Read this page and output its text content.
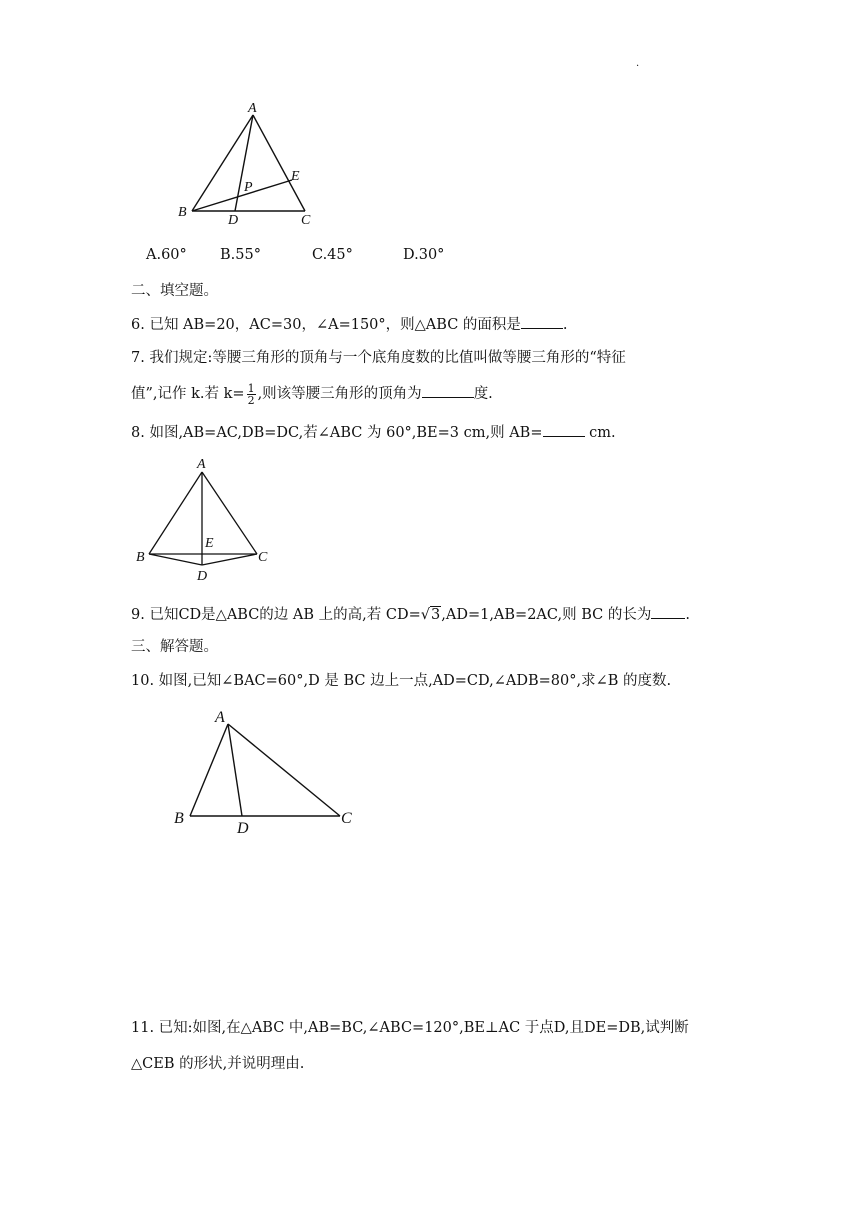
.
A
B
C
D
E
P
A.60° B.55°	C.45°	D.30°
二、填空题。
6. 已知 AB=20，AC=30，∠A=150°，则△ABC 的面积是	.
7. 我们规定:等腰三角形的顶角与一个底角度数的比值叫做等腰三角形的“特征
值”,记作 k.若 $k= \frac{1}{2}$ ,则该等腰三角形的顶角为	度.
8. 如图,AB=AC,DB=DC,若∠ABC 为 60°,BE=3 cm,则 AB=	cm.
A
B	C
D
E
9. 已知CD是△ABC的边 AB 上的高,若 CD=√3,AD=1,AB=2AC,则 BC 的长为 .
三、解答题。
10. 如图,已知∠BAC=60°,D 是 BC 边上一点,AD=CD,∠ADB=80°,求∠B 的度数.
A
B	C
D
11. 已知:如图,在△ABC 中,AB=BC,∠ABC=120°,BE⊥AC 于点D,且DE=DB,试判断
△CEB 的形状,并说明理由.
